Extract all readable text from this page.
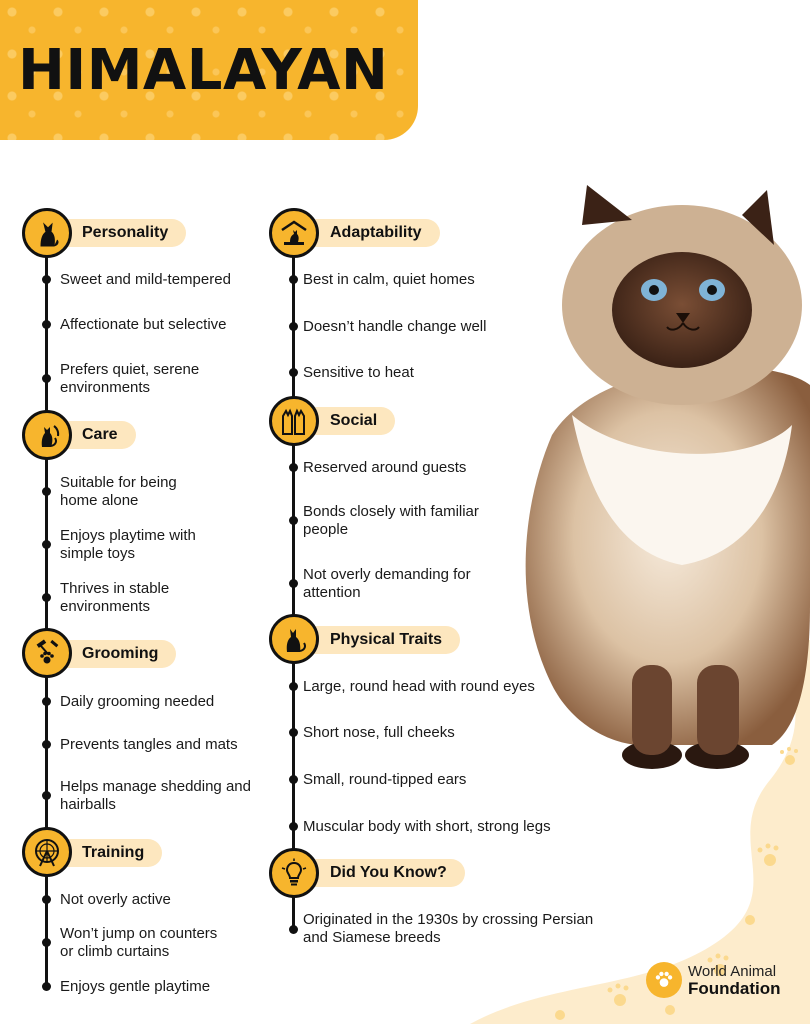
HIMALAYAN
Personality
Sweet and mild-tempered
Affectionate but selective
Prefers quiet, serene
environments
Care
Suitable for being
home alone
Enjoys playtime with
simple toys
Thrives in stable
environments
Grooming
Daily grooming needed
Prevents tangles and mats
Helps manage shedding and
hairballs
Training
Not overly active
Won’t jump on counters
or climb curtains
Enjoys gentle playtime
Adaptability
Best in calm, quiet homes
Doesn’t handle change well
Sensitive to heat
Social
Reserved around guests
Bonds closely with familiar
people
Not overly demanding for
attention
Physical Traits
Large, round head with round eyes
Short nose, full cheeks
Small, round-tipped ears
Muscular body with short, strong legs
Did You Know?
Originated in the 1930s by crossing Persian
and Siamese breeds
World Animal
Foundation
